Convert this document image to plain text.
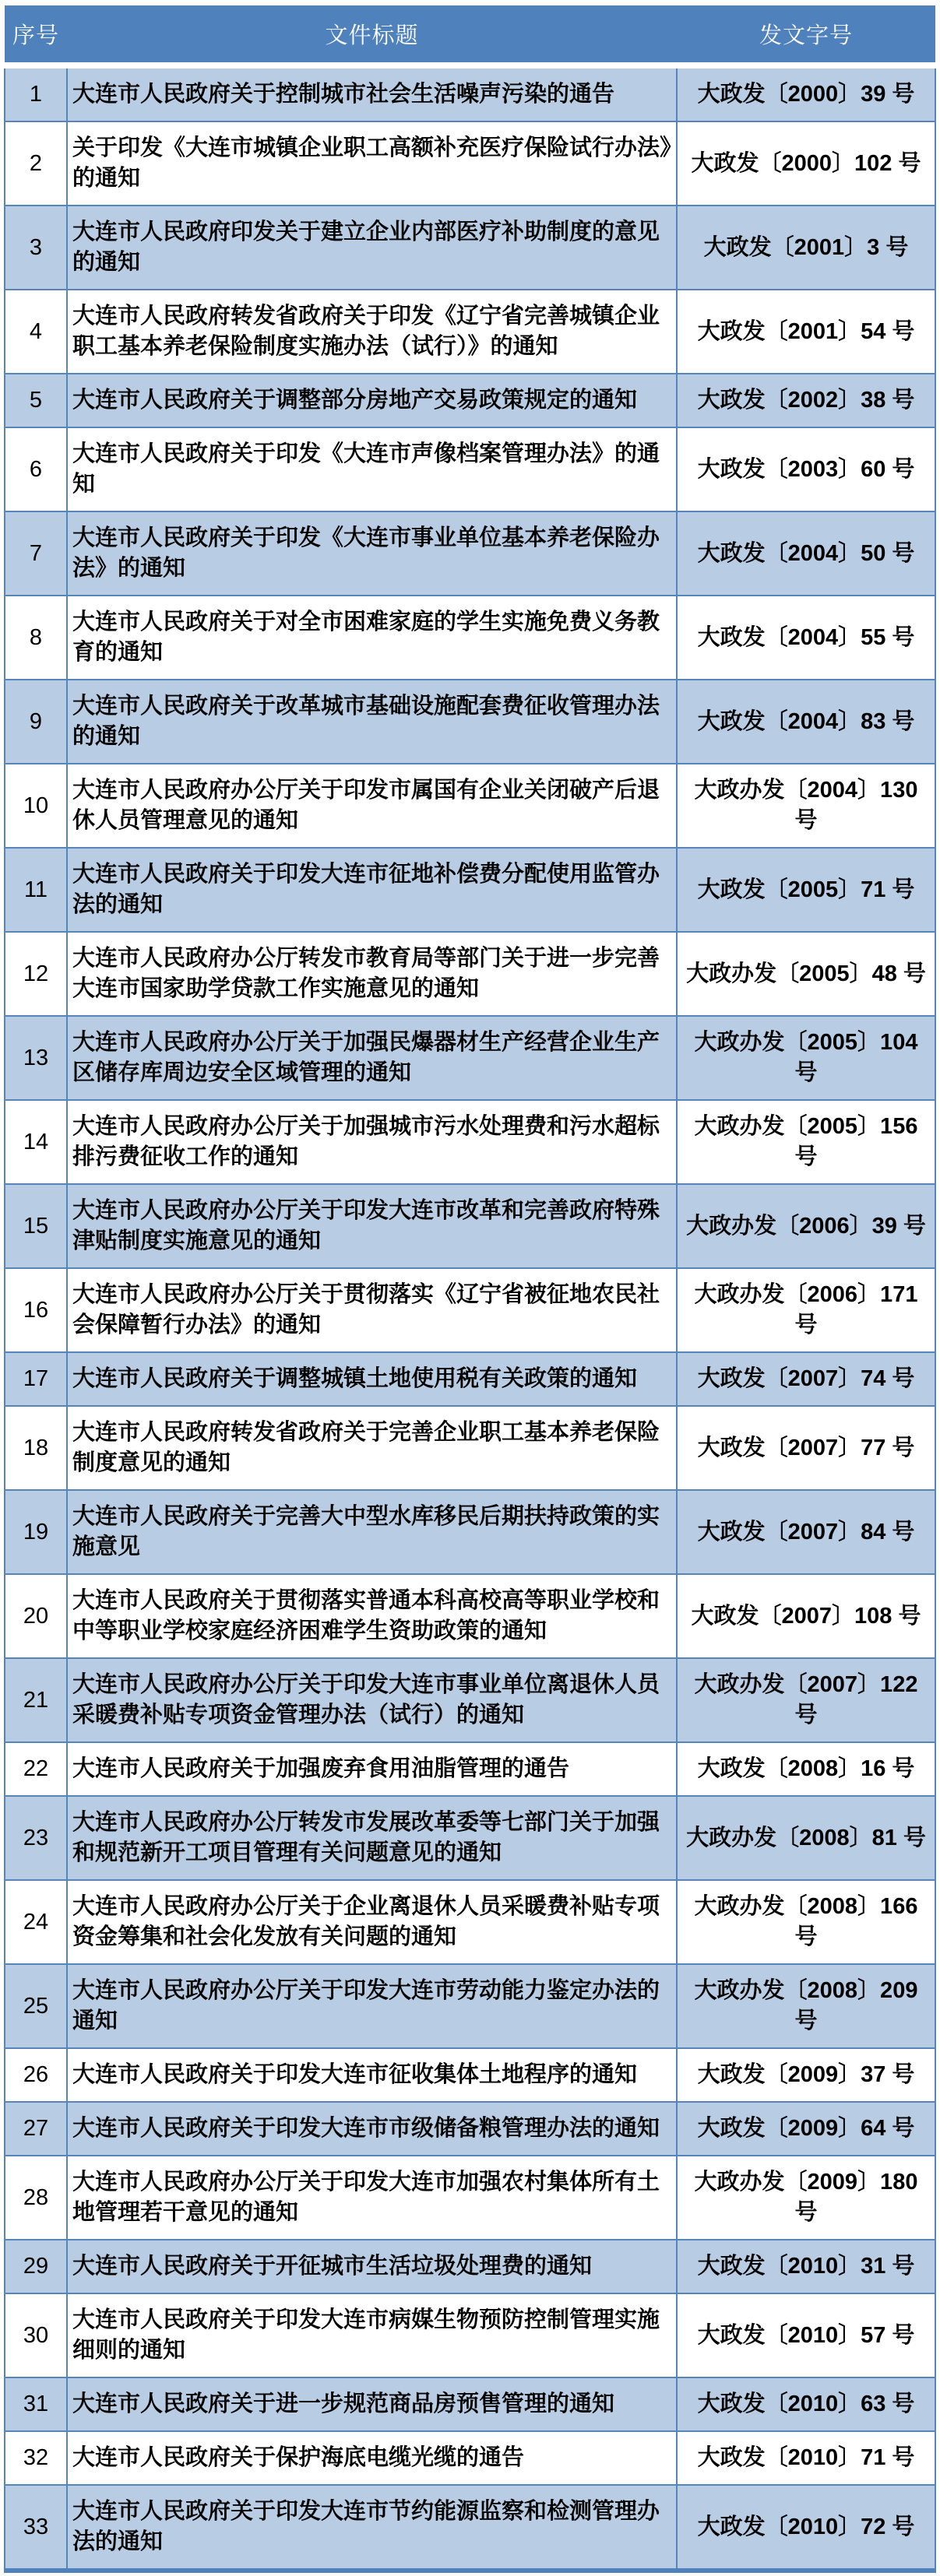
序号	文件标题	发文字号
1	大连市人民政府关于控制城市社会生活噪声污染的通告	大政发〔2000〕39 号
2	关于印发《大连市城镇企业职工高额补充医疗保险试行办法》的通知	大政发〔2000〕102 号
3	大连市人民政府印发关于建立企业内部医疗补助制度的意见的通知	大政发〔2001〕3 号
4	大连市人民政府转发省政府关于印发《辽宁省完善城镇企业职工基本养老保险制度实施办法（试行）》的通知	大政发〔2001〕54 号
5	大连市人民政府关于调整部分房地产交易政策规定的通知	大政发〔2002〕38 号
6	大连市人民政府关于印发《大连市声像档案管理办法》的通知	大政发〔2003〕60 号
7	大连市人民政府关于印发《大连市事业单位基本养老保险办法》的通知	大政发〔2004〕50 号
8	大连市人民政府关于对全市困难家庭的学生实施免费义务教育的通知	大政发〔2004〕55 号
9	大连市人民政府关于改革城市基础设施配套费征收管理办法的通知	大政发〔2004〕83 号
10	大连市人民政府办公厅关于印发市属国有企业关闭破产后退休人员管理意见的通知	大政办发〔2004〕130 号
11	大连市人民政府关于印发大连市征地补偿费分配使用监管办法的通知	大政发〔2005〕71 号
12	大连市人民政府办公厅转发市教育局等部门关于进一步完善大连市国家助学贷款工作实施意见的通知	大政办发〔2005〕48 号
13	大连市人民政府办公厅关于加强民爆器材生产经营企业生产区储存库周边安全区域管理的通知	大政办发〔2005〕104 号
14	大连市人民政府办公厅关于加强城市污水处理费和污水超标排污费征收工作的通知	大政办发〔2005〕156 号
15	大连市人民政府办公厅关于印发大连市改革和完善政府特殊津贴制度实施意见的通知	大政办发〔2006〕39 号
16	大连市人民政府办公厅关于贯彻落实《辽宁省被征地农民社会保障暂行办法》的通知	大政办发〔2006〕171 号
17	大连市人民政府关于调整城镇土地使用税有关政策的通知	大政发〔2007〕74 号
18	大连市人民政府转发省政府关于完善企业职工基本养老保险制度意见的通知	大政发〔2007〕77 号
19	大连市人民政府关于完善大中型水库移民后期扶持政策的实施意见	大政发〔2007〕84 号
20	大连市人民政府关于贯彻落实普通本科高校高等职业学校和中等职业学校家庭经济困难学生资助政策的通知	大政发〔2007〕108 号
21	大连市人民政府办公厅关于印发大连市事业单位离退休人员采暖费补贴专项资金管理办法（试行）的通知	大政办发〔2007〕122 号
22	大连市人民政府关于加强废弃食用油脂管理的通告	大政发〔2008〕16 号
23	大连市人民政府办公厅转发市发展改革委等七部门关于加强和规范新开工项目管理有关问题意见的通知	大政办发〔2008〕81 号
24	大连市人民政府办公厅关于企业离退休人员采暖费补贴专项资金筹集和社会化发放有关问题的通知	大政办发〔2008〕166 号
25	大连市人民政府办公厅关于印发大连市劳动能力鉴定办法的通知	大政办发〔2008〕209 号
26	大连市人民政府关于印发大连市征收集体土地程序的通知	大政发〔2009〕37 号
27	大连市人民政府关于印发大连市市级储备粮管理办法的通知	大政发〔2009〕64 号
28	大连市人民政府办公厅关于印发大连市加强农村集体所有土地管理若干意见的通知	大政办发〔2009〕180 号
29	大连市人民政府关于开征城市生活垃圾处理费的通知	大政发〔2010〕31 号
30	大连市人民政府关于印发大连市病媒生物预防控制管理实施细则的通知	大政发〔2010〕57 号
31	大连市人民政府关于进一步规范商品房预售管理的通知	大政发〔2010〕63 号
32	大连市人民政府关于保护海底电缆光缆的通告	大政发〔2010〕71 号
33	大连市人民政府关于印发大连市节约能源监察和检测管理办法的通知	大政发〔2010〕72 号
